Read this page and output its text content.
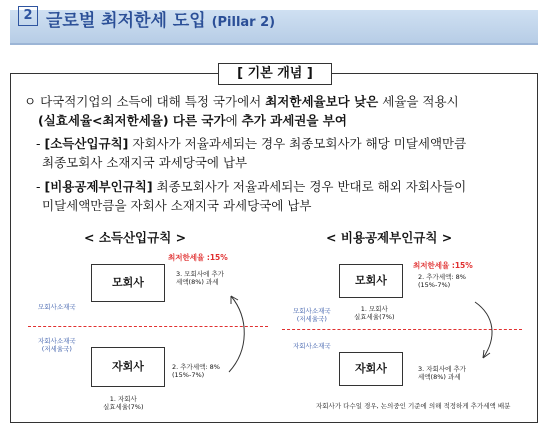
2 글로벌 최저한세 도입 (Pillar 2)
[ 기본 개념 ]
ㅇ 다국적기업의 소득에 대해 특정 국가에서 최저한세율보다 낮은 세율을 적용시
(실효세율<최저한세율) 다른 국가에 추가 과세권을 부여
- [소득산입규칙] 자회사가 저율과세되는 경우 최종모회사가 해당 미달세액만큼
최종모회사 소재지국 과세당국에 납부
- [비용공제부인규칙] 최종모회사가 저율과세되는 경우 반대로 해외 자회사들이
미달세액만큼을 자회사 소재지국 과세당국에 납부
< 소득산입규칙 >	< 비용공제부인규칙 >
최저한세율 :15%
모회사
3. 모회사에 추가
세액(8%) 과세
모회사소재국
자회사소재국
(저세율국)
자회사	2. 추가세액: 8%
(15%-7%)
1. 자회사
실효세율(7%)
최저한세율 :15%
모회사	2. 추가세액: 8%
(15%-7%)
1. 모회사
실효세율(7%)
모회사소재국
(저세율국)
자회사소재국
자회사	3. 자회사에 추가
세액(8%) 과세
자회사가 다수일 경우, 논의중인 기준에 의해 적정하게 추가세액 배분
